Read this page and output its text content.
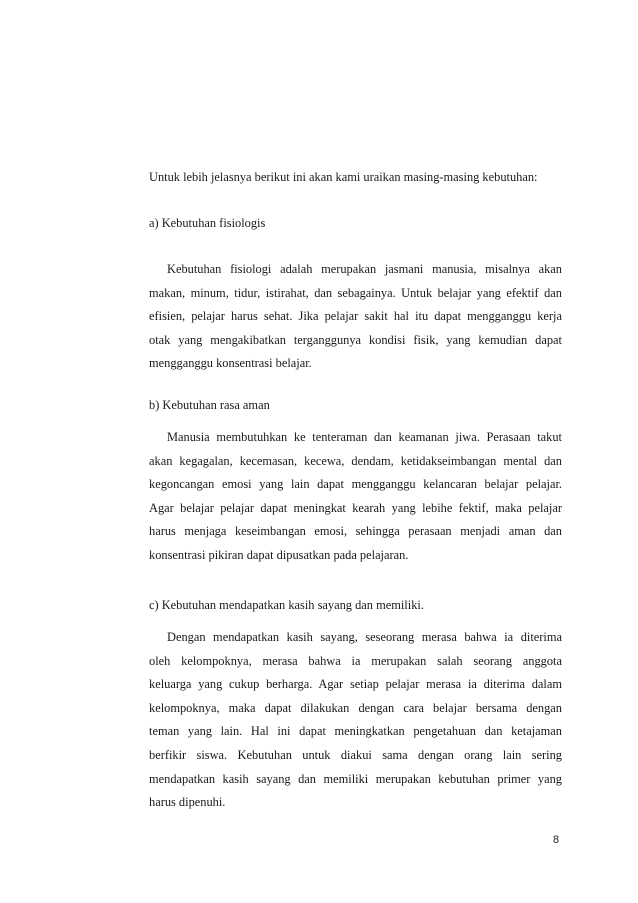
Untuk lebih jelasnya berikut ini akan kami uraikan masing-masing kebutuhan:

a) Kebutuhan fisiologis

Kebutuhan fisiologi adalah merupakan jasmani manusia, misalnya akan
makan, minum, tidur, istirahat, dan sebagainya. Untuk belajar yang efektif dan
efisien, pelajar harus sehat. Jika pelajar sakit hal itu dapat mengganggu kerja
otak yang mengakibatkan terganggunya kondisi fisik, yang kemudian dapat
mengganggu konsentrasi belajar.

b) Kebutuhan rasa aman

Manusia membutuhkan ke tenteraman dan keamanan jiwa. Perasaan takut
akan kegagalan, kecemasan, kecewa, dendam, ketidakseimbangan mental dan
kegoncangan emosi yang lain dapat mengganggu kelancaran belajar pelajar.
Agar belajar pelajar dapat meningkat kearah yang lebihe fektif, maka pelajar
harus menjaga keseimbangan emosi, sehingga perasaan menjadi aman dan
konsentrasi pikiran dapat dipusatkan pada pelajaran.

c) Kebutuhan mendapatkan kasih sayang dan memiliki.

Dengan mendapatkan kasih sayang, seseorang merasa bahwa ia diterima
oleh kelompoknya, merasa bahwa ia merupakan salah seorang anggota
keluarga yang cukup berharga. Agar setiap pelajar merasa ia diterima dalam
kelompoknya, maka dapat dilakukan dengan cara belajar bersama dengan
teman yang lain. Hal ini dapat meningkatkan pengetahuan dan ketajaman
berfikir siswa. Kebutuhan untuk diakui sama dengan orang lain sering
mendapatkan kasih sayang dan memiliki merupakan kebutuhan primer yang
harus dipenuhi.
8
